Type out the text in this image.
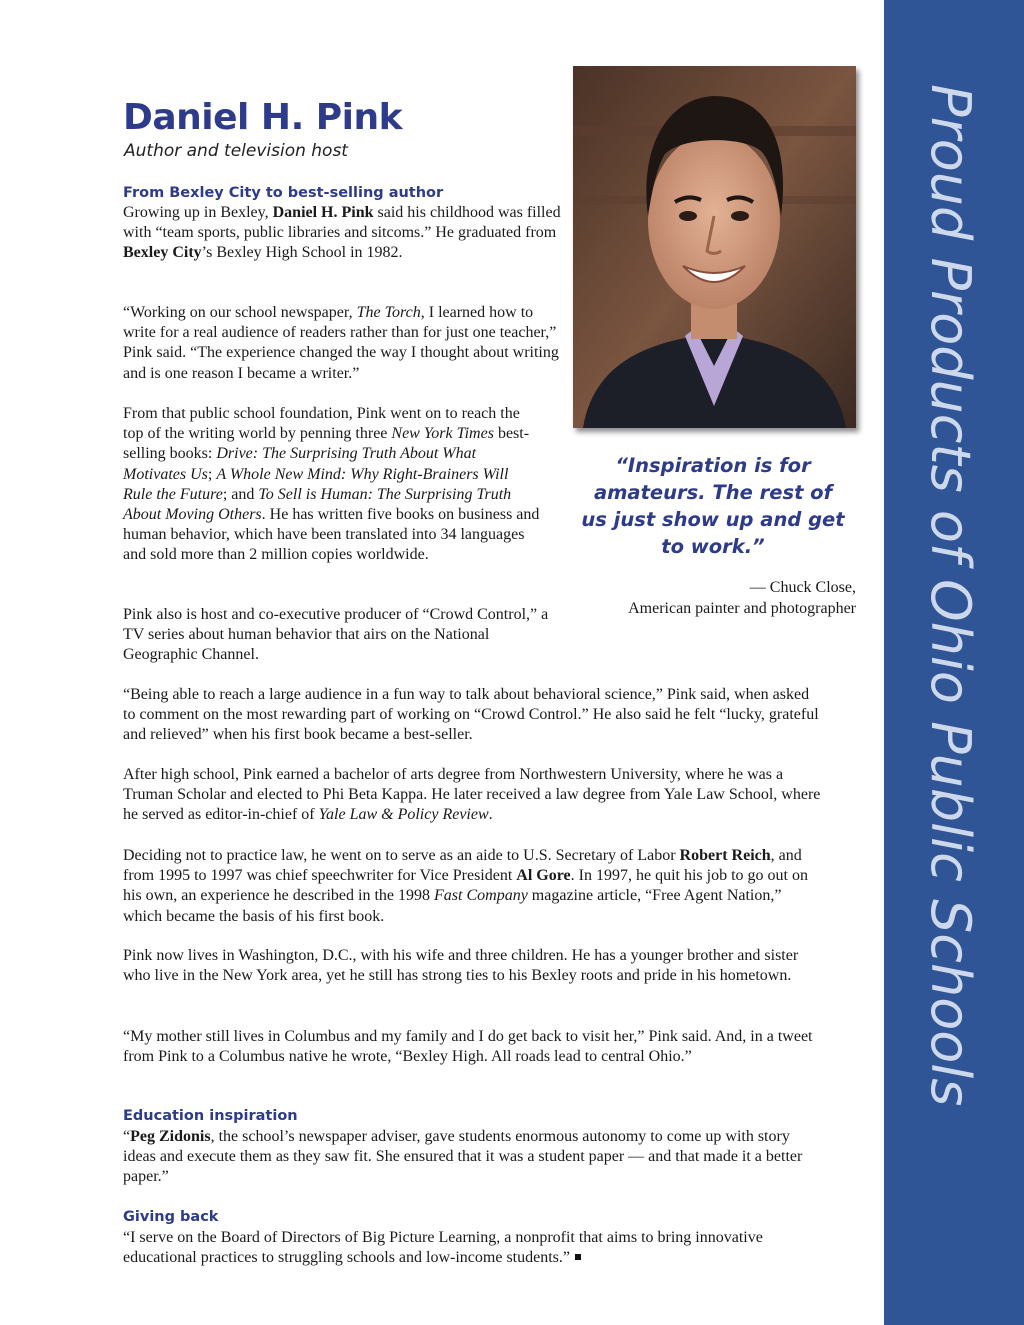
Proud Products of Ohio Public Schools
Daniel H. Pink
Author and television host

“Inspiration is for amateurs. The rest of us just show up and get to work.”

— Chuck Close,
American painter and photographer
From Bexley City to best-selling author

Growing up in Bexley, Daniel H. Pink said his childhood was filled with “team sports, public libraries and sitcoms.” He graduated from Bexley City’s Bexley High School in 1982.

“Working on our school newspaper, The Torch, I learned how to write for a real audience of readers rather than for just one teacher,” Pink said. “The experience changed the way I thought about writing and is one reason I became a writer.”

From that public school foundation, Pink went on to reach the top of the writing world by penning three New York Times best-selling books: Drive: The Surprising Truth About What Motivates Us; A Whole New Mind: Why Right-Brainers Will Rule the Future; and To Sell is Human: The Surprising Truth About Moving Others. He has written five books on business and human behavior, which have been translated into 34 languages and sold more than 2 million copies worldwide.

Pink also is host and co-executive producer of “Crowd Control,” a TV series about human behavior that airs on the National Geographic Channel.

“Being able to reach a large audience in a fun way to talk about behavioral science,” Pink said, when asked to comment on the most rewarding part of working on “Crowd Control.” He also said he felt “lucky, grateful and relieved” when his first book became a best-seller.

After high school, Pink earned a bachelor of arts degree from Northwestern University, where he was a Truman Scholar and elected to Phi Beta Kappa. He later received a law degree from Yale Law School, where he served as editor-in-chief of Yale Law & Policy Review.

Deciding not to practice law, he went on to serve as an aide to U.S. Secretary of Labor Robert Reich, and from 1995 to 1997 was chief speechwriter for Vice President Al Gore. In 1997, he quit his job to go out on his own, an experience he described in the 1998 Fast Company magazine article, “Free Agent Nation,” which became the basis of his first book.

Pink now lives in Washington, D.C., with his wife and three children. He has a younger brother and sister who live in the New York area, yet he still has strong ties to his Bexley roots and pride in his hometown.

“My mother still lives in Columbus and my family and I do get back to visit her,” Pink said. And, in a tweet from Pink to a Columbus native he wrote, “Bexley High. All roads lead to central Ohio.”

Education inspiration

“Peg Zidonis, the school’s newspaper adviser, gave students enormous autonomy to come up with story ideas and execute them as they saw fit. She ensured that it was a student paper — and that made it a better paper.”

Giving back

“I serve on the Board of Directors of Big Picture Learning, a nonprofit that aims to bring innovative educational practices to struggling schools and low-income students.”
